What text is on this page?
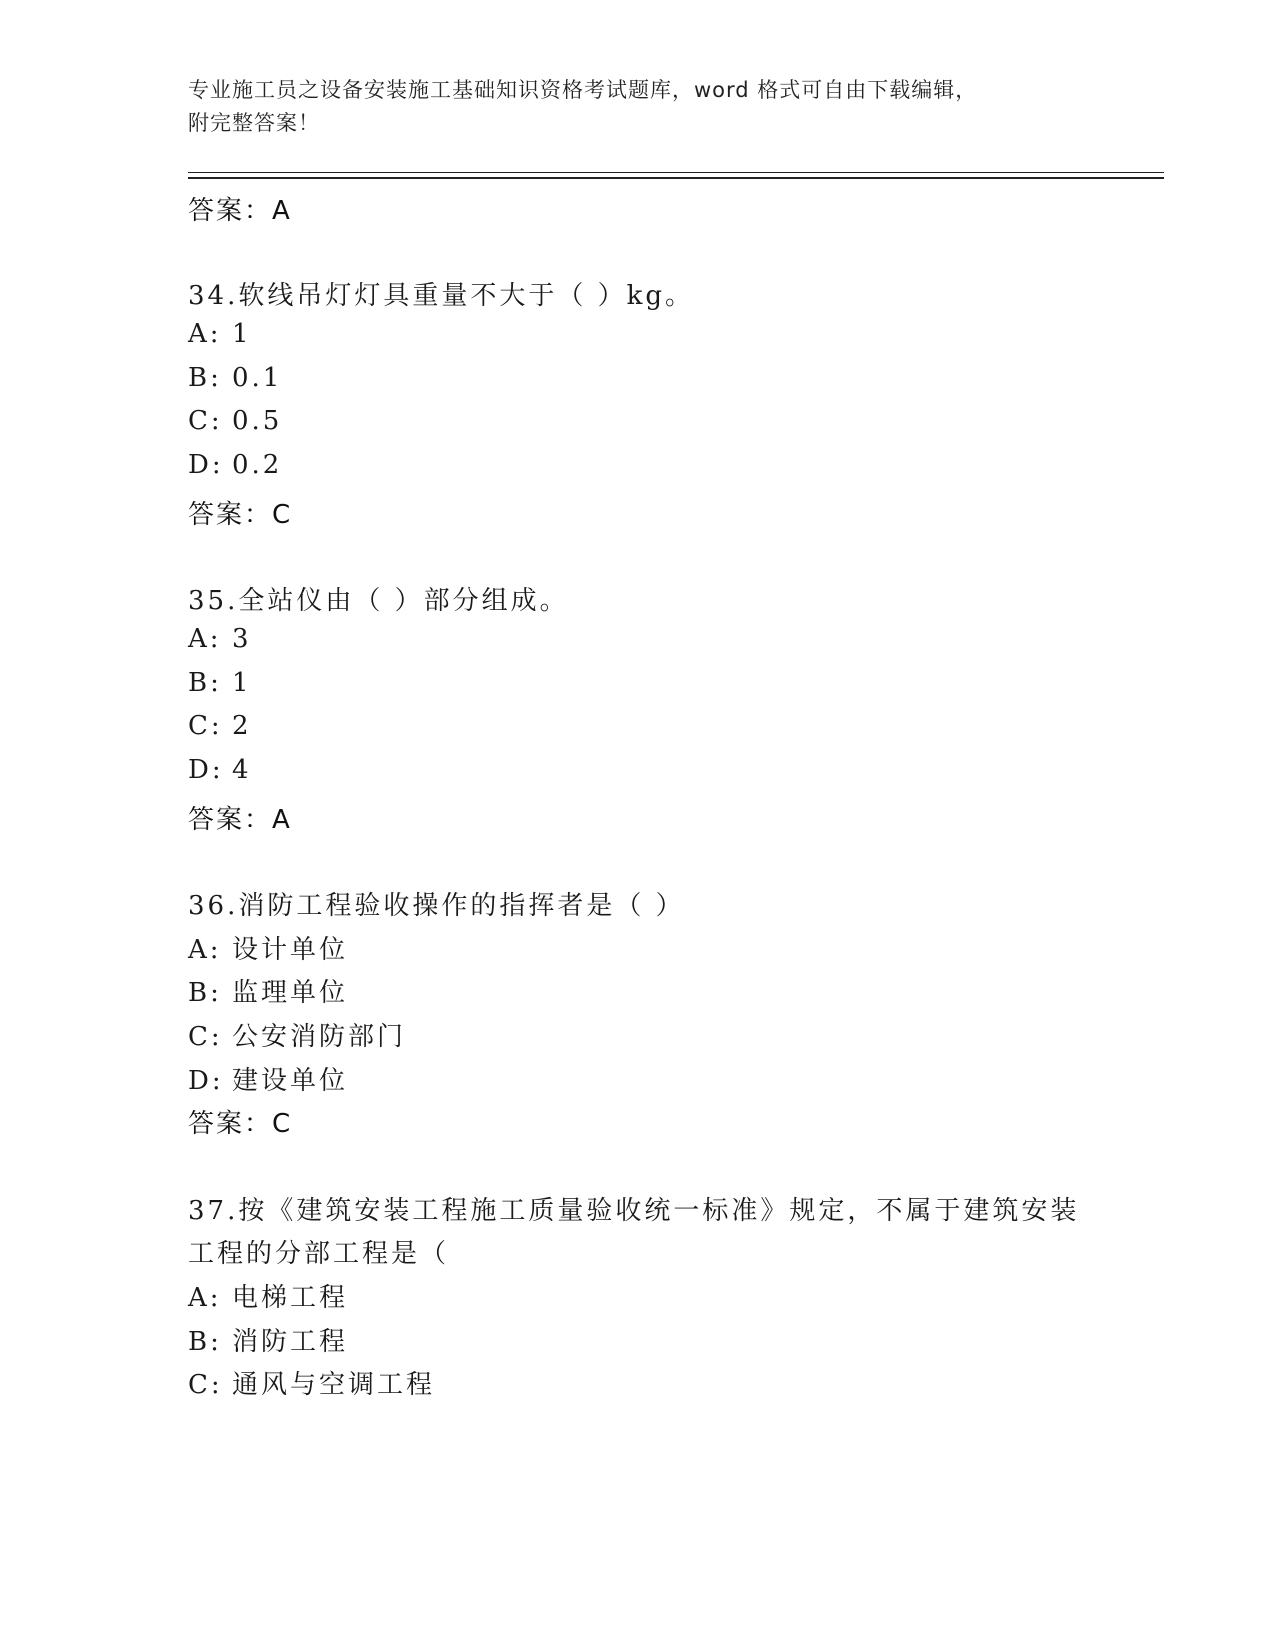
专业施工员之设备安装施工基础知识资格考试题库，word 格式可自由下载编辑，
附完整答案！
答案：A
34.软线吊灯灯具重量不大于（ ）kg。
A: 1
B: 0.1
C: 0.5
D: 0.2
答案：C
35.全站仪由（ ）部分组成。
A: 3
B: 1
C: 2
D: 4
答案：A
36.消防工程验收操作的指挥者是（ ）
A: 设计单位
B: 监理单位
C: 公安消防部门
D: 建设单位
答案：C
37.按《建筑安装工程施工质量验收统一标准》规定，不属于建筑安装
工程的分部工程是（
A: 电梯工程
B: 消防工程
C: 通风与空调工程
